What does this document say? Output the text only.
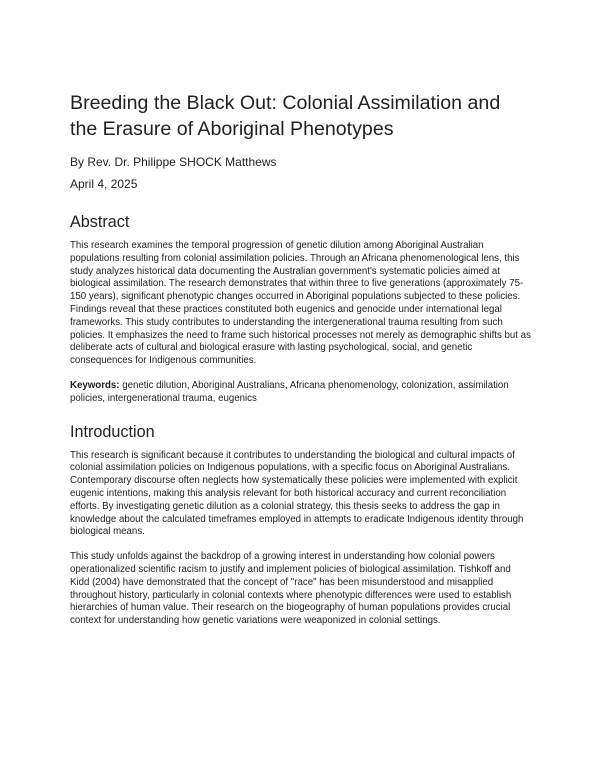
Breeding the Black Out: Colonial Assimilation and
the Erasure of Aboriginal Phenotypes

By Rev. Dr. Philippe SHOCK Matthews

April 4, 2025

Abstract

This research examines the temporal progression of genetic dilution among Aboriginal Australian populations resulting from colonial assimilation policies. Through an Africana phenomenological lens, this study analyzes historical data documenting the Australian government's systematic policies aimed at biological assimilation. The research demonstrates that within three to five generations (approximately 75-150 years), significant phenotypic changes occurred in Aboriginal populations subjected to these policies. Findings reveal that these practices constituted both eugenics and genocide under international legal frameworks. This study contributes to understanding the intergenerational trauma resulting from such policies. It emphasizes the need to frame such historical processes not merely as demographic shifts but as deliberate acts of cultural and biological erasure with lasting psychological, social, and genetic consequences for Indigenous communities.

Keywords: genetic dilution, Aboriginal Australians, Africana phenomenology, colonization, assimilation policies, intergenerational trauma, eugenics

Introduction

This research is significant because it contributes to understanding the biological and cultural impacts of colonial assimilation policies on Indigenous populations, with a specific focus on Aboriginal Australians. Contemporary discourse often neglects how systematically these policies were implemented with explicit eugenic intentions, making this analysis relevant for both historical accuracy and current reconciliation efforts. By investigating genetic dilution as a colonial strategy, this thesis seeks to address the gap in knowledge about the calculated timeframes employed in attempts to eradicate Indigenous identity through biological means.

This study unfolds against the backdrop of a growing interest in understanding how colonial powers operationalized scientific racism to justify and implement policies of biological assimilation. Tishkoff and Kidd (2004) have demonstrated that the concept of "race" has been misunderstood and misapplied throughout history, particularly in colonial contexts where phenotypic differences were used to establish hierarchies of human value. Their research on the biogeography of human populations provides crucial context for understanding how genetic variations were weaponized in colonial settings.
